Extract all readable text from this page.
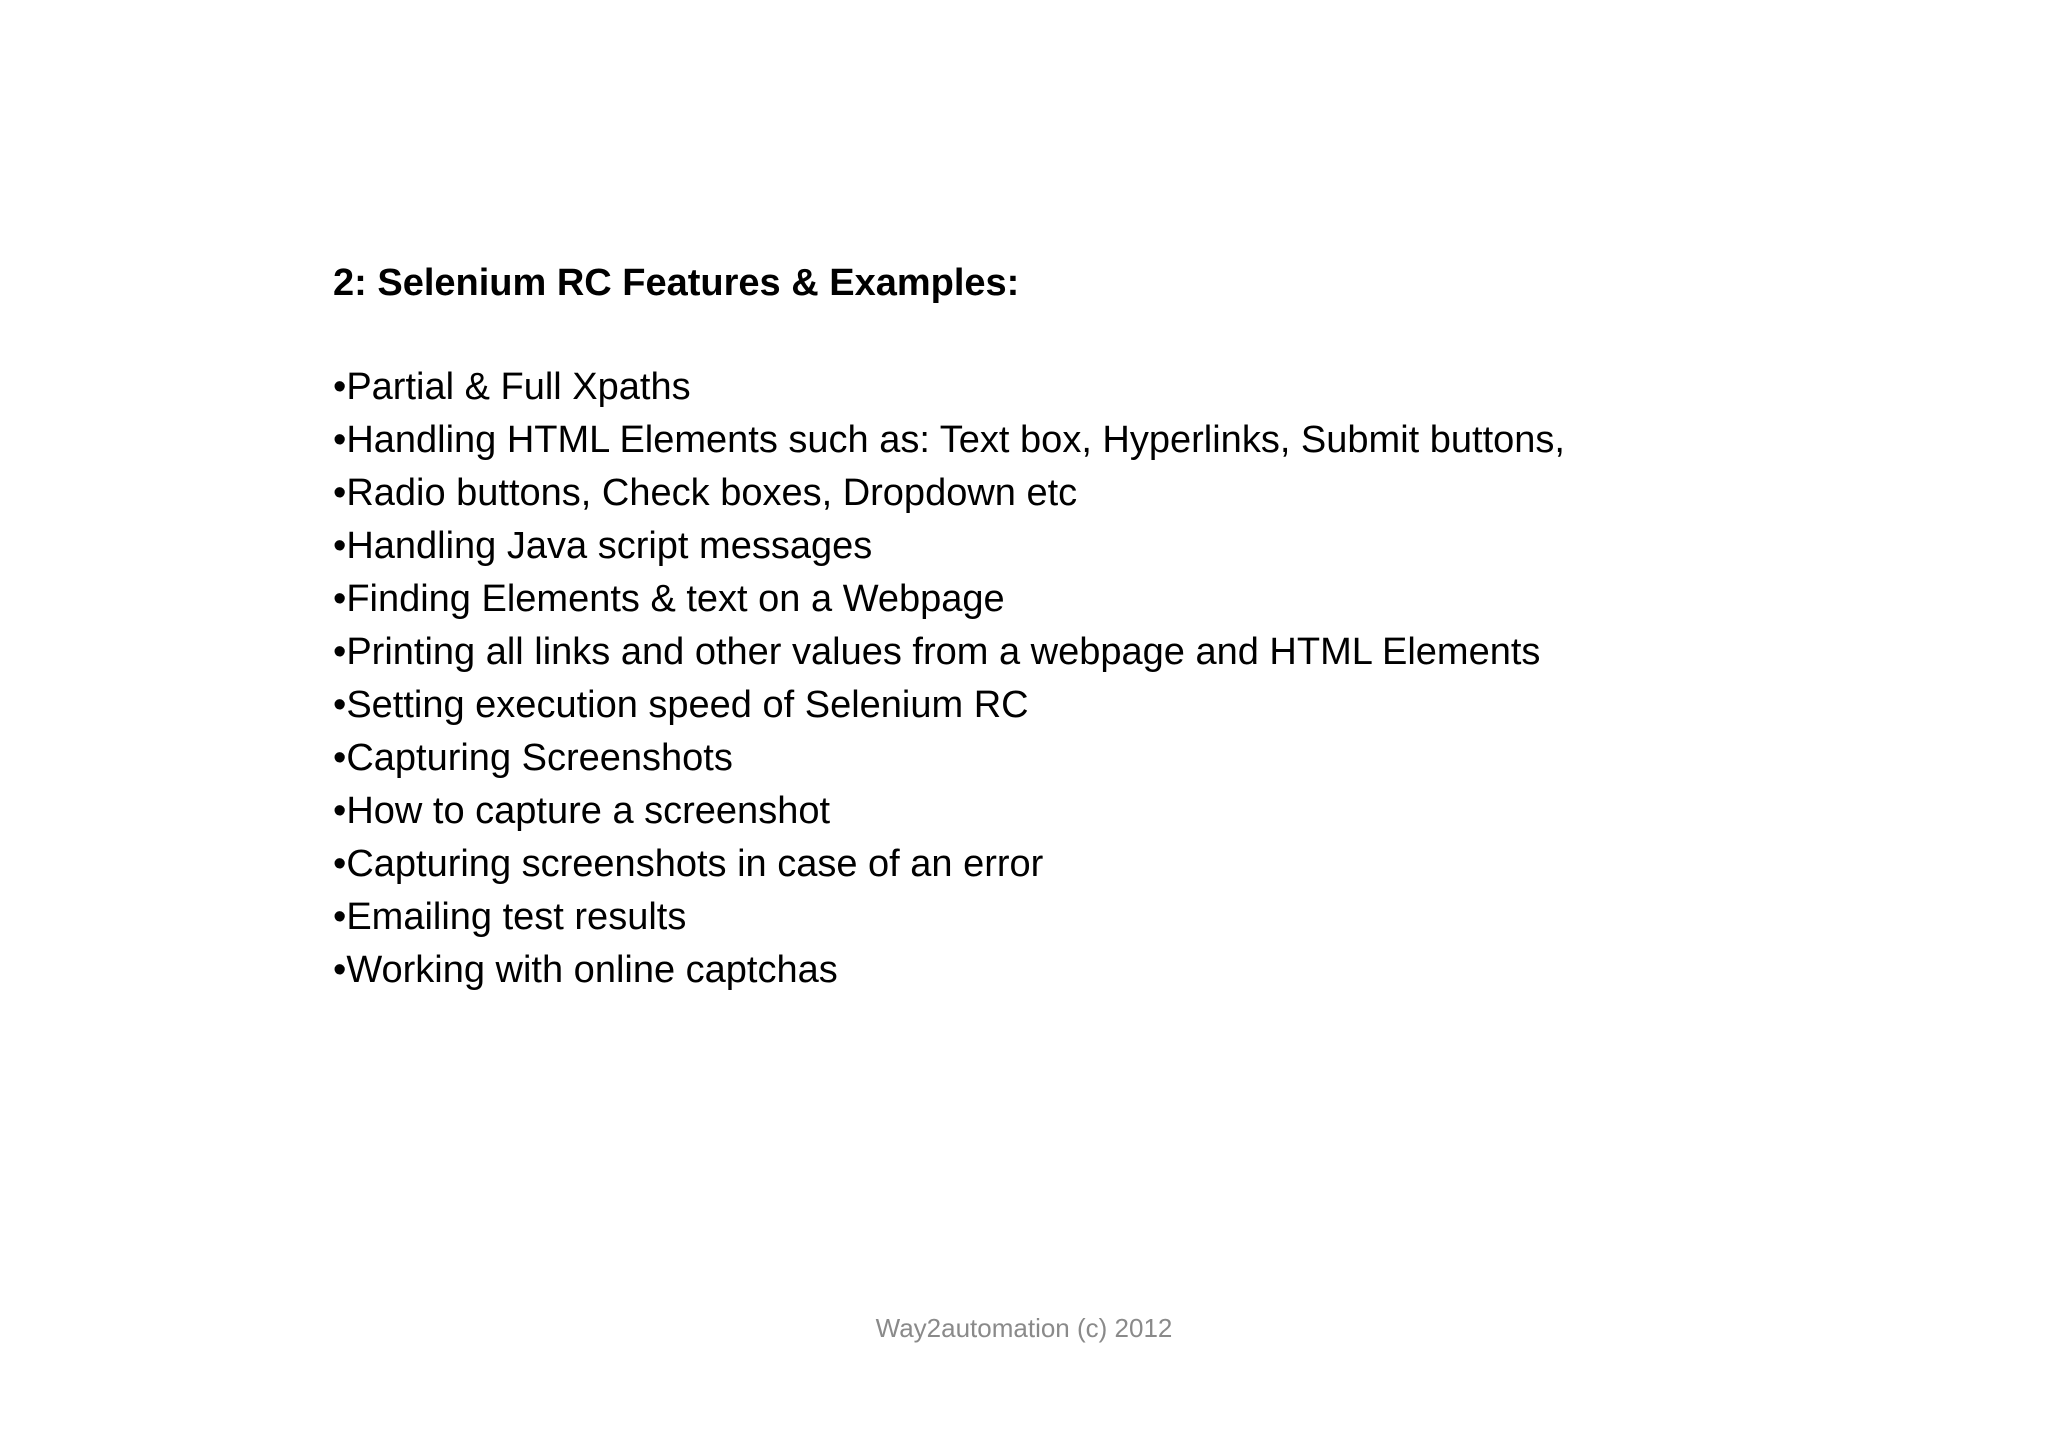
2: Selenium RC Features & Examples:
•Partial & Full Xpaths
•Handling HTML Elements such as: Text box, Hyperlinks, Submit buttons,
•Radio buttons, Check boxes, Dropdown etc
•Handling Java script messages
•Finding Elements & text on a Webpage
•Printing all links and other values from a webpage and HTML Elements
•Setting execution speed of Selenium RC
•Capturing Screenshots
•How to capture a screenshot
•Capturing screenshots in case of an error
•Emailing test results
•Working with online captchas
Way2automation (c) 2012
